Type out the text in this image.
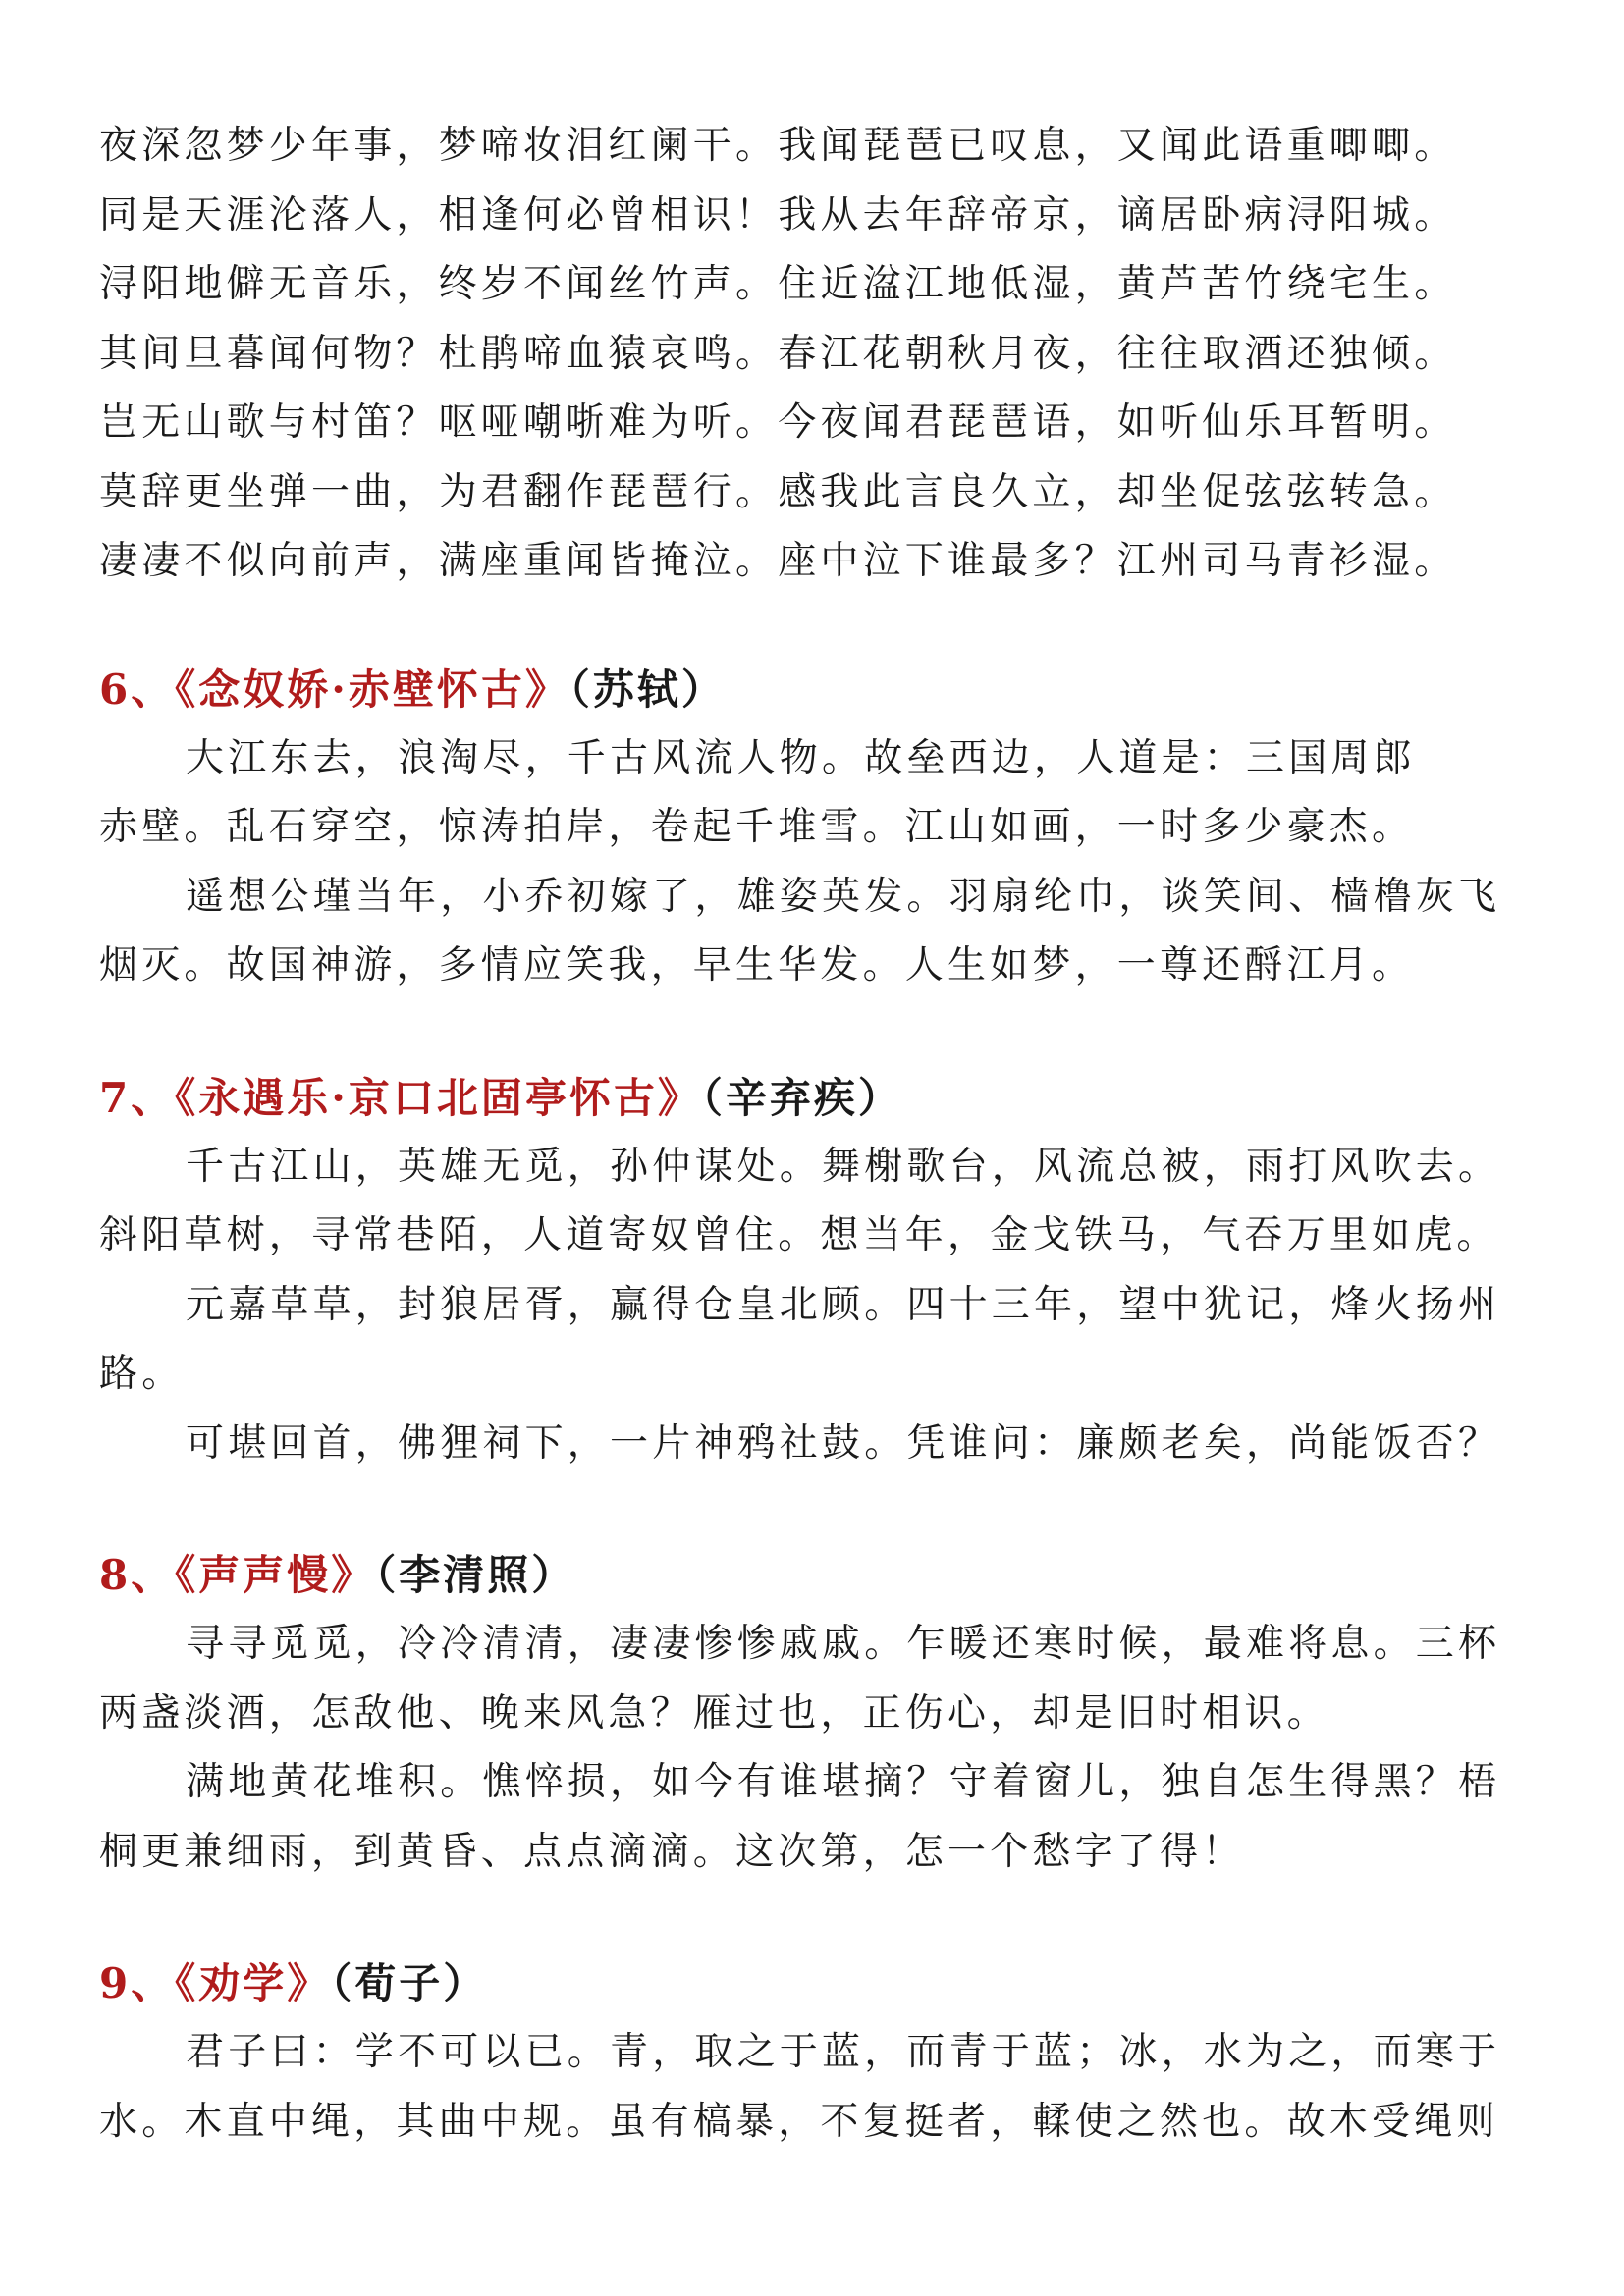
夜深忽梦少年事，梦啼妆泪红阑干。我闻琵琶已叹息，又闻此语重唧唧。
同是天涯沦落人，相逢何必曾相识！我从去年辞帝京，谪居卧病浔阳城。
浔阳地僻无音乐，终岁不闻丝竹声。住近湓江地低湿，黄芦苦竹绕宅生。
其间旦暮闻何物？杜鹃啼血猿哀鸣。春江花朝秋月夜，往往取酒还独倾。
岂无山歌与村笛？呕哑嘲哳难为听。今夜闻君琵琶语，如听仙乐耳暂明。
莫辞更坐弹一曲，为君翻作琵琶行。感我此言良久立，却坐促弦弦转急。
凄凄不似向前声，满座重闻皆掩泣。座中泣下谁最多？江州司马青衫湿。
6、《念奴娇·赤壁怀古》（苏轼）
大江东去，浪淘尽，千古风流人物。故垒西边，人道是：三国周郎
赤壁。乱石穿空，惊涛拍岸，卷起千堆雪。江山如画，一时多少豪杰。
遥想公瑾当年，小乔初嫁了，雄姿英发。羽扇纶巾，谈笑间、樯橹灰飞
烟灭。故国神游，多情应笑我，早生华发。人生如梦，一尊还酹江月。
7、《永遇乐·京口北固亭怀古》（辛弃疾）
千古江山，英雄无觅，孙仲谋处。舞榭歌台，风流总被，雨打风吹去。
斜阳草树，寻常巷陌，人道寄奴曾住。想当年，金戈铁马，气吞万里如虎。
元嘉草草，封狼居胥，赢得仓皇北顾。四十三年，望中犹记，烽火扬州
路。
可堪回首，佛狸祠下，一片神鸦社鼓。凭谁问：廉颇老矣，尚能饭否？
8、《声声慢》（李清照）
寻寻觅觅，冷冷清清，凄凄惨惨戚戚。乍暖还寒时候，最难将息。三杯
两盏淡酒，怎敌他、晚来风急？雁过也，正伤心，却是旧时相识。
满地黄花堆积。憔悴损，如今有谁堪摘？守着窗儿，独自怎生得黑？梧
桐更兼细雨，到黄昏、点点滴滴。这次第，怎一个愁字了得！
9、《劝学》（荀子）
君子曰：学不可以已。青，取之于蓝，而青于蓝；冰，水为之，而寒于
水。木直中绳，其曲中规。虽有槁暴，不复挺者，輮使之然也。故木受绳则
